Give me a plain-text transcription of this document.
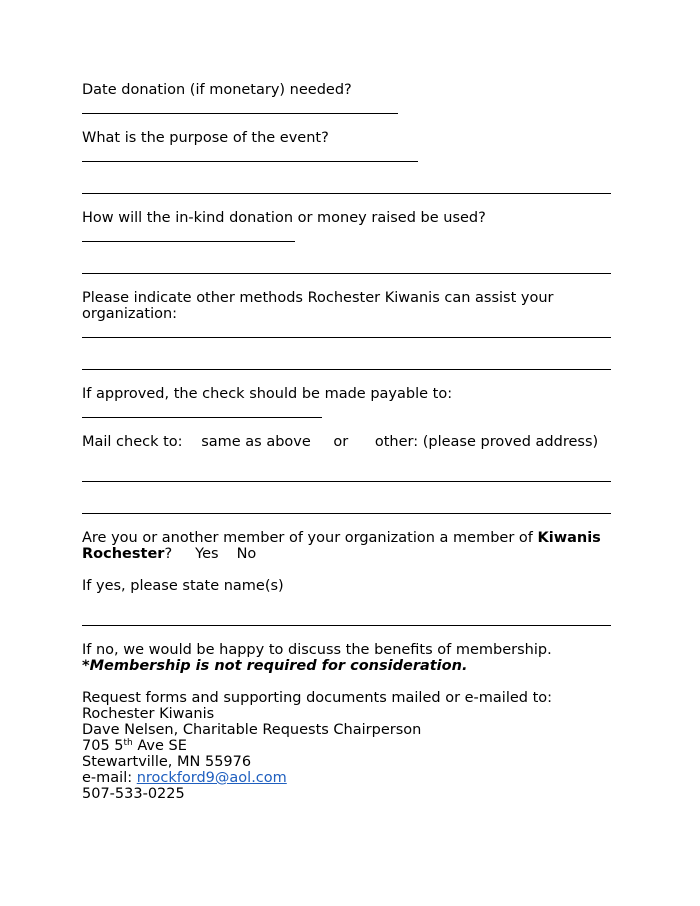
Date donation (if monetary) needed?
What is the purpose of the event?
How will the in-kind donation or money raised be used?
Please indicate other methods Rochester Kiwanis can assist your
organization:
If approved, the check should be made payable to:
Mail check to: same as above or other: (please proved address)
Are you or another member of your organization a member of Kiwanis
Rochester? Yes No
If yes, please state name(s)
If no, we would be happy to discuss the benefits of membership.
*Membership is not required for consideration.
Request forms and supporting documents mailed or e-mailed to:
Rochester Kiwanis
Dave Nelsen, Charitable Requests Chairperson
705 5th Ave SE
Stewartville, MN 55976
e-mail: nrockford9@aol.com
507-533-0225
